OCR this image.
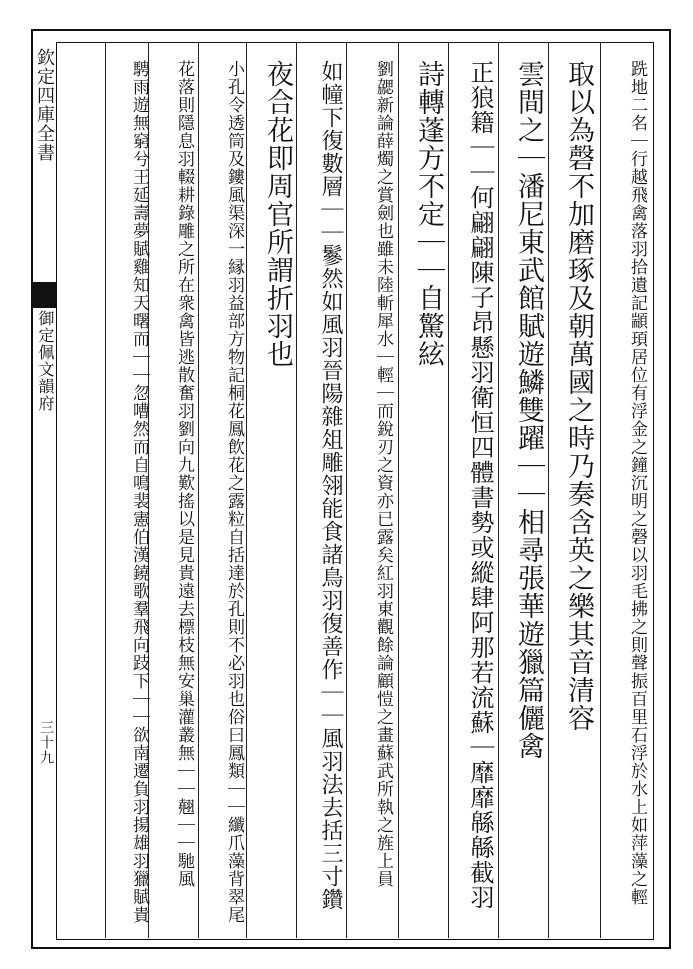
欽定四庫全書
御定佩文韻府
三十九	跣地二名｜行越飛禽落羽拾遺記顓頊居位有浮金之鐘沉明之磬以羽毛拂之則聲振百里石浮於水上如萍藻之輕
取以為磬不加磨琢及朝萬國之時乃奏含英之樂其音清容
雲間之｜潘尼東武館賦遊鱗雙躍｜｜相尋張華遊獵篇儷禽
正狼籍｜｜何翩翩陳子昂懸羽衛恒四體書勢或縱肆阿那若流蘇｜靡靡緜緜截羽
詩轉蓬方不定｜｜自驚絃
劉勰新論薛燭之賞劍也雖未陸斬犀水｜輕｜而銳刃之資亦已露矣紅羽東觀餘論顧愷之畫蘇武所執之旌上員
如幢下復數層｜｜鬖然如風羽晉陽雜俎雕翎能食諸鳥羽復善作｜｜風羽法去括三寸鑽
夜合花即周官所謂折羽也
小孔令透筒及鏤風渠深一縁羽益部方物記桐花鳳飲花之露粒自括達於孔則不必羽也俗曰鳳類｜｜纖爪藻背翠尾
花落則隱息羽輟耕錄雕之所在衆禽皆逃散奮羽劉向九歎搖以是見貴遠去標枝無安巢灌叢無｜｜翹｜｜馳風
騁雨遊無窮兮王延壽夢賦雞知天曙而｜｜忽嘈然而自鳴裴憲伯漢鐃歌羣飛向跂下｜｜欲南遷負羽揚雄羽獵賦貴
